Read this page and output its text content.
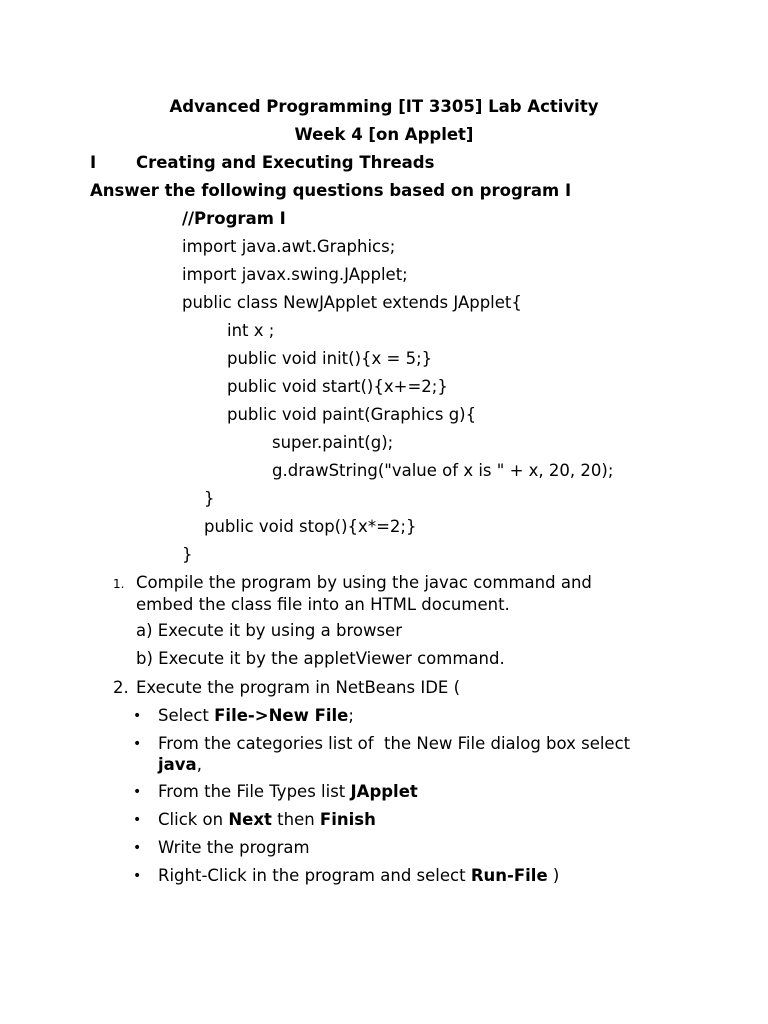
Advanced Programming [IT 3305] Lab Activity
Week 4 [on Applet]
I Creating and Executing Threads
Answer the following questions based on program I
//Program I
import java.awt.Graphics;
import javax.swing.JApplet;
public class NewJApplet extends JApplet{
int x ;
public void init(){x = 5;}
public void start(){x+=2;}
public void paint(Graphics g){
super.paint(g);
g.drawString("value of x is " + x, 20, 20);
}
public void stop(){x*=2;}
}
1. Compile the program by using the javac command and
embed the class file into an HTML document.
a) Execute it by using a browser
b) Execute it by the appletViewer command.
2. Execute the program in NetBeans IDE (
• Select File->New File;
• From the categories list of  the New File dialog box select
java,
• From the File Types list JApplet
• Click on Next then Finish
• Write the program
• Right-Click in the program and select Run-File )
